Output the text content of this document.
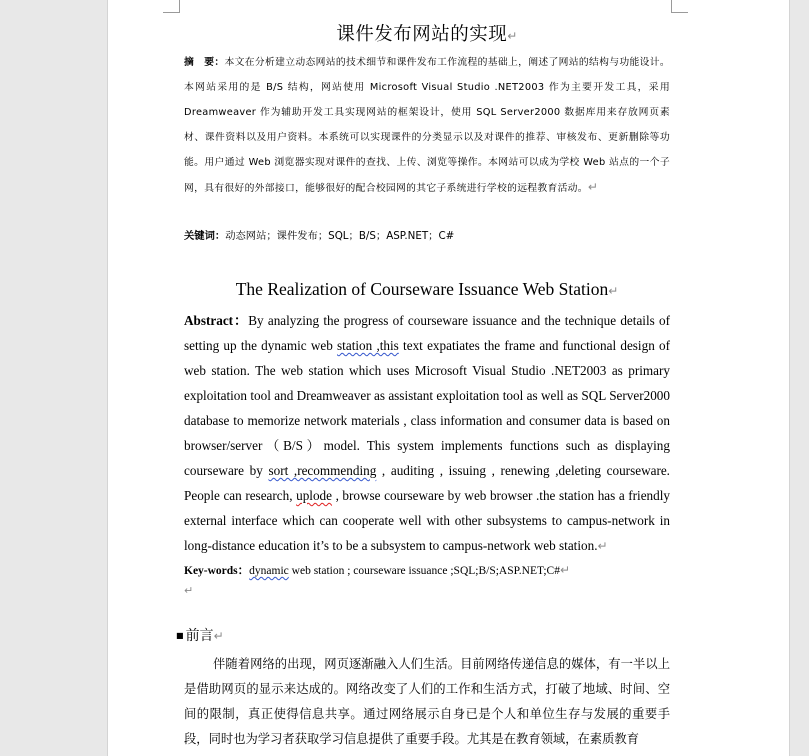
课件发布网站的实现↵
摘　要：本文在分析建立动态网站的技术细节和课件发布工作流程的基础上，阐述了网站的结构与功能设计。本网站采用的是 B/S 结构，网站使用 Microsoft Visual Studio .NET2003 作为主要开发工具，采用 Dreamweaver 作为辅助开发工具实现网站的框架设计，使用 SQL Server2000 数据库用来存放网页素材、课件资料以及用户资料。本系统可以实现课件的分类显示以及对课件的推荐、审核发布、更新删除等功能。用户通过 Web 浏览器实现对课件的查找、上传、浏览等操作。本网站可以成为学校 Web 站点的一个子网，具有很好的外部接口，能够很好的配合校园网的其它子系统进行学校的远程教育活动。↵
关键词：动态网站；课件发布；SQL；B/S；ASP.NET；C#
The Realization of Courseware Issuance Web Station↵
Abstract：By analyzing the progress of courseware issuance and the technique details of setting up the dynamic web station ,this text expatiates the frame and functional design of web station. The web station which uses Microsoft Visual Studio .NET2003 as primary exploitation tool and Dreamweaver as assistant exploitation tool as well as SQL Server2000 database to memorize network materials , class information and consumer data is based on browser/server（B/S）model. This system implements functions such as displaying courseware by sort ,recommending , auditing , issuing , renewing ,deleting courseware. People can research, uplode , browse courseware by web browser .the station has a friendly external interface which can cooperate well with other subsystems to campus-network in long-distance education it’s to be a subsystem to campus-network web station.↵
Key-words：dynamic web station ; courseware issuance ;SQL;B/S;ASP.NET;C#↵
↵
■ 前言↵
伴随着网络的出现，网页逐渐融入人们生活。目前网络传递信息的媒体，有一半以上是借助网页的显示来达成的。网络改变了人们的工作和生活方式，打破了地域、时间、空间的限制，真正使得信息共享。通过网络展示自身已是个人和单位生存与发展的重要手段，同时也为学习者获取学习信息提供了重要手段。尤其是在教育领域，在素质教育
